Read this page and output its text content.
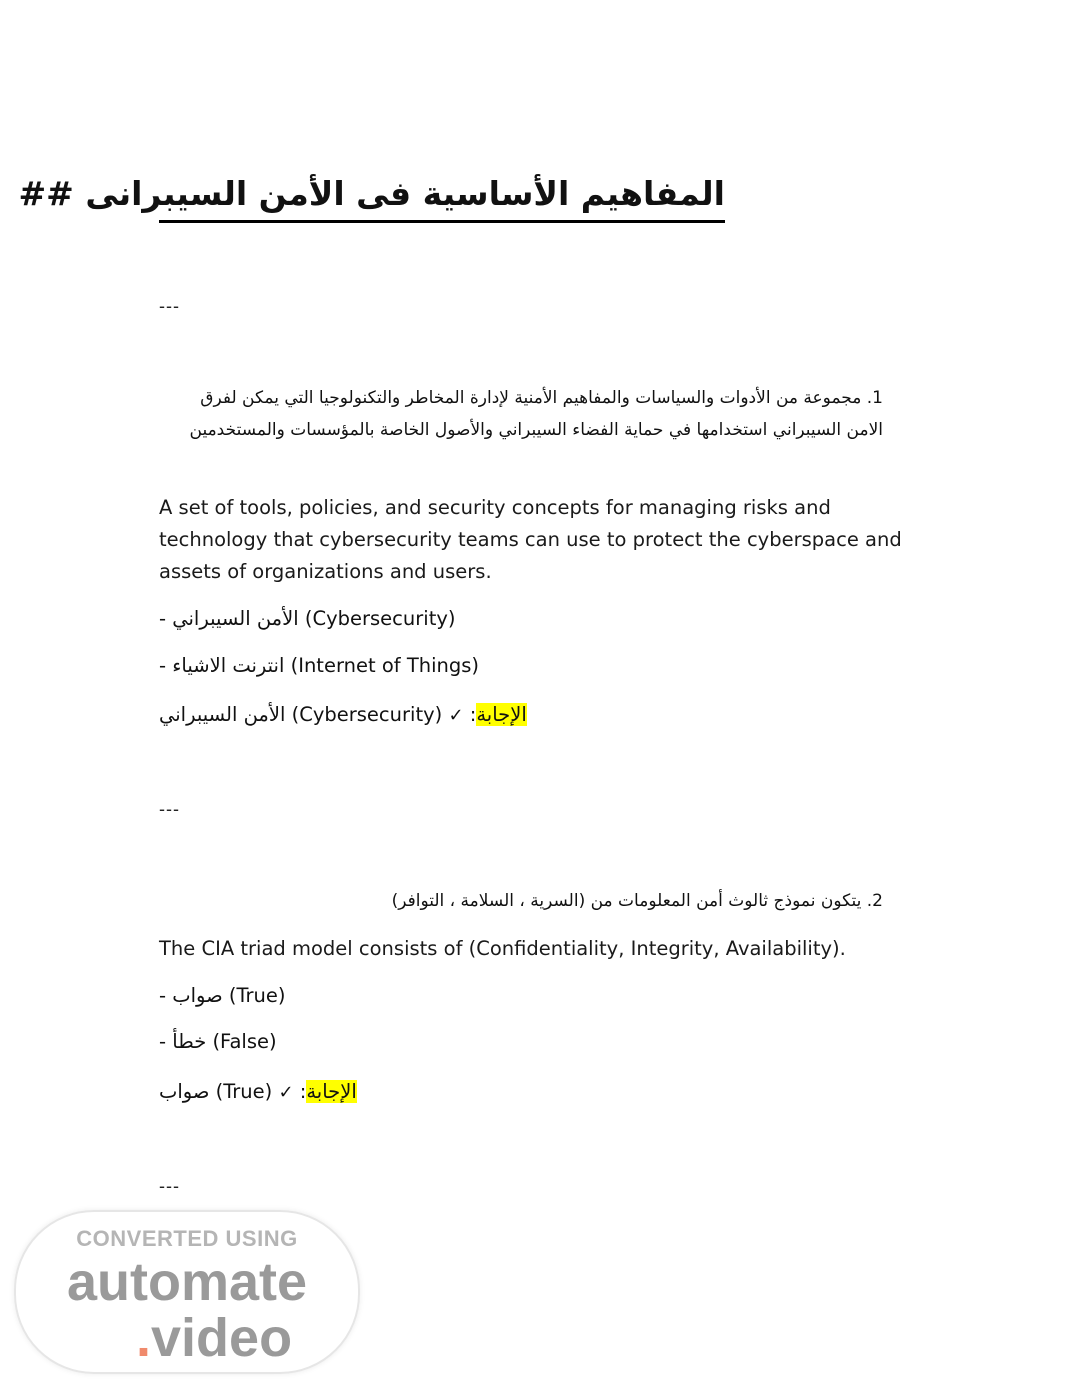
المفاهيم الأساسية فى الأمن السيبرانى ##
---
1. مجموعة من الأدوات والسياسات والمفاهيم الأمنية لإدارة المخاطر والتكنولوجيا التي يمكن لفرق الامن السيبراني استخدامها في حماية الفضاء السيبراني والأصول الخاصة بالمؤسسات والمستخدمين
A set of tools, policies, and security concepts for managing risks and technology that cybersecurity teams can use to protect the cyberspace and assets of organizations and users.
- الأمن السيبراني (Cybersecurity)
- انترنت الاشياء (Internet of Things)
الأمن السيبراني (Cybersecurity) ✓ :الإجابة
---
2. يتكون نموذج ثالوث أمن المعلومات من (السرية ، السلامة ، التوافر)
The CIA triad model consists of (Confidentiality, Integrity, Availability).
- صواب (True)
- خطأ (False)
صواب (True) ✓ :الإجابة
---
CONVERTED USING
automate
.video
